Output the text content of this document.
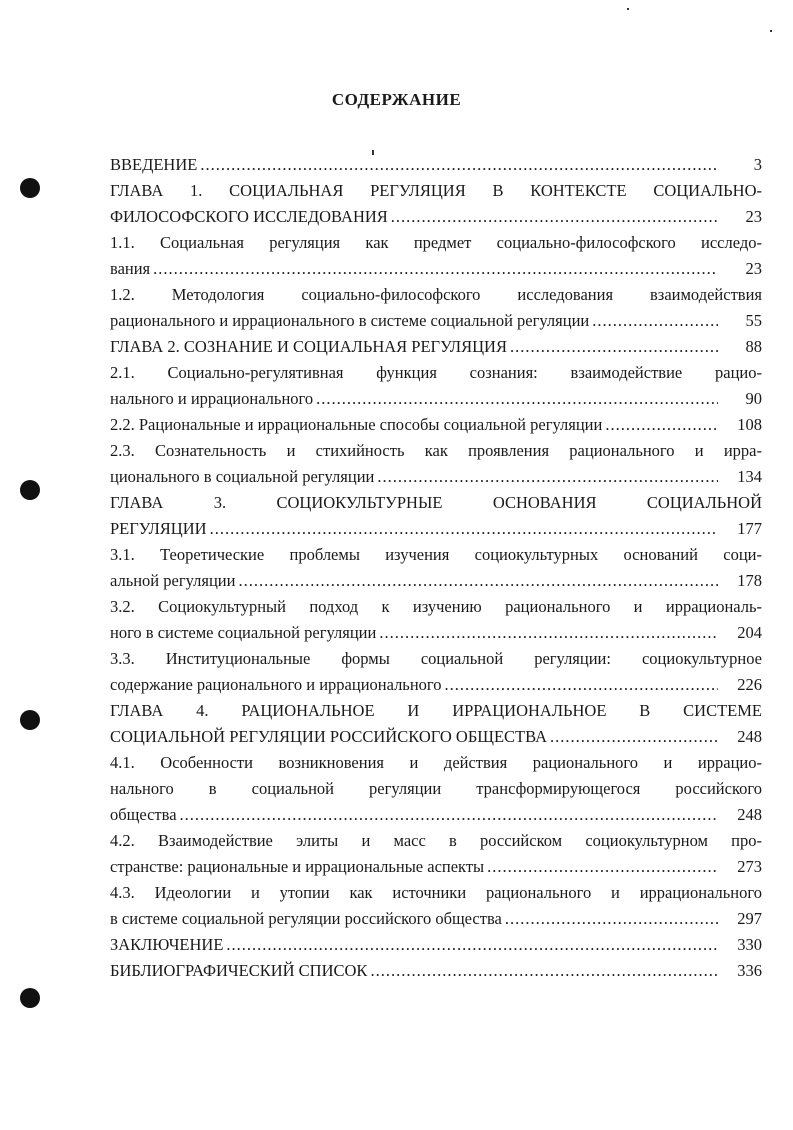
СОДЕРЖАНИЕ
ВВЕДЕНИЕ .....	3
ГЛАВА 1. СОЦИАЛЬНАЯ РЕГУЛЯЦИЯ В КОНТЕКСТЕ СОЦИАЛЬНО-
ФИЛОСОФСКОГО ИССЛЕДОВАНИЯ .....	23
1.1. Социальная регуляция как предмет социально-философского исследо-
вания .....	23
1.2. Методология социально-философского исследования взаимодействия
рационального и иррационального в системе социальной регуляции .....	55
ГЛАВА 2. СОЗНАНИЕ И СОЦИАЛЬНАЯ РЕГУЛЯЦИЯ .....	88
2.1. Социально-регулятивная функция сознания: взаимодействие рацио-
нального и иррационального .....	90
2.2. Рациональные и иррациональные способы социальной регуляции .....	108
2.3. Сознательность и стихийность как проявления рационального и ирра-
ционального в социальной регуляции .....	134
ГЛАВА 3. СОЦИОКУЛЬТУРНЫЕ ОСНОВАНИЯ СОЦИАЛЬНОЙ
РЕГУЛЯЦИИ .....	177
3.1. Теоретические проблемы изучения социокультурных оснований соци-
альной регуляции .....	178
3.2. Социокультурный подход к изучению рационального и иррациональ-
ного в системе социальной регуляции .....	204
3.3. Институциональные формы социальной регуляции: социокультурное
содержание рационального и иррационального .....	226
ГЛАВА 4. РАЦИОНАЛЬНОЕ И ИРРАЦИОНАЛЬНОЕ В СИСТЕМЕ
СОЦИАЛЬНОЙ РЕГУЛЯЦИИ РОССИЙСКОГО ОБЩЕСТВА .....	248
4.1. Особенности возникновения и действия рационального и иррацио-
нального в социальной регуляции трансформирующегося российского
общества .....	248
4.2. Взаимодействие элиты и масс в российском социокультурном про-
странстве: рациональные и иррациональные аспекты .....	273
4.3. Идеологии и утопии как источники рационального и иррационального
в системе социальной регуляции российского общества .....	297
ЗАКЛЮЧЕНИЕ .....	330
БИБЛИОГРАФИЧЕСКИЙ СПИСОК .....	336
